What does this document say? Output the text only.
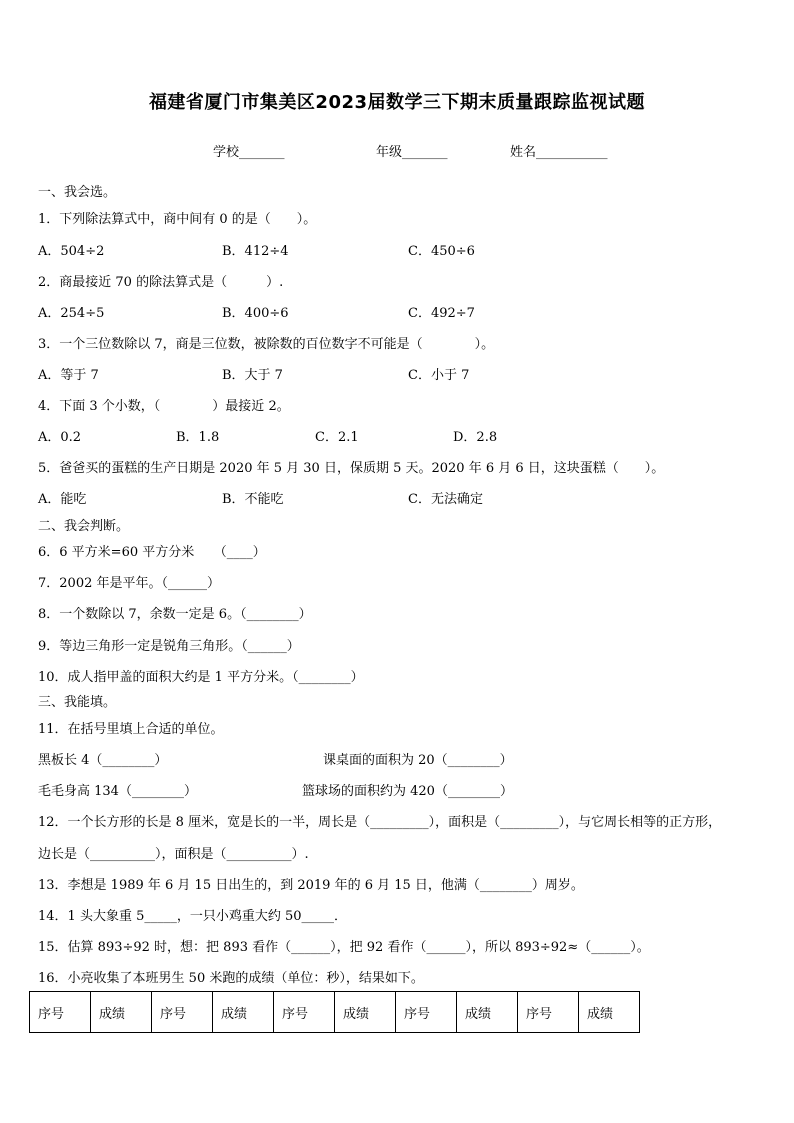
福建省厦门市集美区2023届数学三下期末质量跟踪监视试题
学校_______	年级_______	姓名___________
一、我会选。
1．下列除法算式中，商中间有 0 的是（　　）。
A．504÷2	B．412÷4	C．450÷6
2．商最接近 70 的除法算式是（　　　）.
A．254÷5	B．400÷6	C．492÷7
3．一个三位数除以 7，商是三位数，被除数的百位数字不可能是（　　　　）。
A．等于 7	B．大于 7	C．小于 7
4．下面 3 个小数，（　　　　）最接近 2。
A．0.2	B．1.8	C．2.1	D．2.8
5．爸爸买的蛋糕的生产日期是 2020 年 5 月 30 日，保质期 5 天。2020 年 6 月 6 日，这块蛋糕（　　）。
A．能吃	B．不能吃	C．无法确定
二、我会判断。
6．6 平方米=60 平方分米　　（____）
7．2002 年是平年。（______）
8．一个数除以 7，余数一定是 6。（________）
9．等边三角形一定是锐角三角形。（______）
10．成人指甲盖的面积大约是 1 平方分米。（________）
三、我能填。
11．在括号里填上合适的单位。
黑板长 4（________）	课桌面的面积为 20（________）
毛毛身高 134（________）	篮球场的面积约为 420（________）
12．一个长方形的长是 8 厘米，宽是长的一半，周长是（_________），面积是（_________），与它周长相等的正方形，
边长是（__________），面积是（__________）.
13．李想是 1989 年 6 月 15 日出生的，到 2019 年的 6 月 15 日，他满（________）周岁。
14．1 头大象重 5_____，一只小鸡重大约 50_____．
15．估算 893÷92 时，想：把 893 看作（______），把 92 看作（______），所以 893÷92≈（______）。
16．小亮收集了本班男生 50 米跑的成绩（单位：秒），结果如下。
序号	成绩	序号	成绩	序号	成绩	序号	成绩	序号	成绩
